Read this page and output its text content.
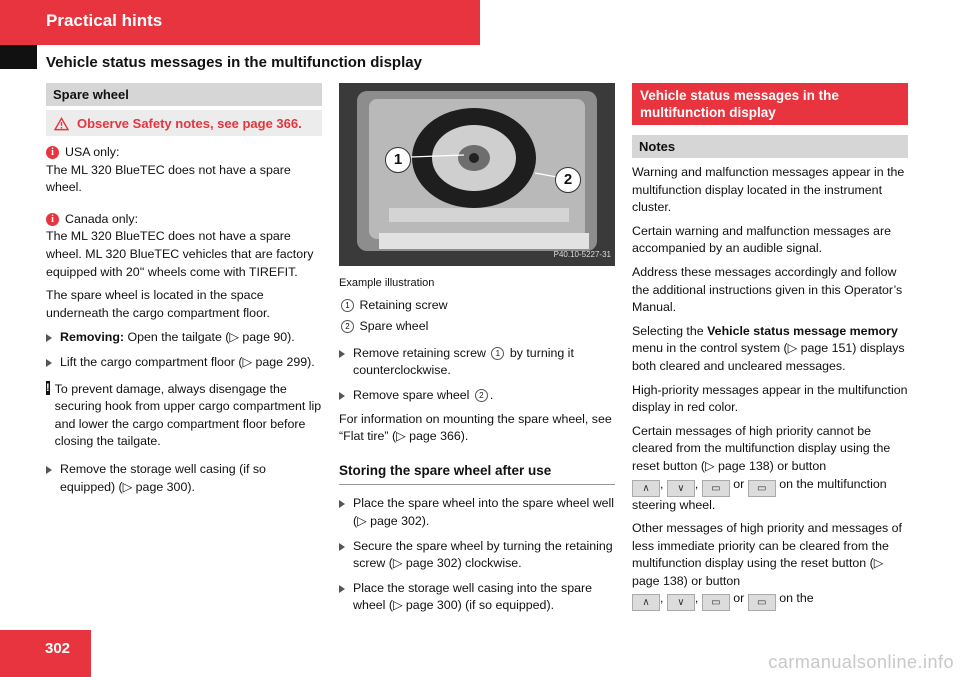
Practical hints
Vehicle status messages in the multifunction display
Spare wheel
Observe Safety notes, see page 366.
i USA only:
The ML 320 BlueTEC does not have a spare wheel.
i Canada only:
The ML 320 BlueTEC does not have a spare wheel. ML 320 BlueTEC vehicles that are factory equipped with 20'' wheels come with TIREFIT.

The spare wheel is located in the space underneath the cargo compartment floor.

Removing: Open the tailgate (▷ page 90).
Lift the cargo compartment floor (▷ page 299).
! To prevent damage, always disengage the securing hook from upper cargo compartment lip and lower the cargo compartment floor before closing the tailgate.
Remove the storage well casing (if so equipped) (▷ page 300).
1
2
P40.10-5227-31
Example illustration
1 Retaining screw
2 Spare wheel
Remove retaining screw 1 by turning it counterclockwise.
Remove spare wheel 2 .

For information on mounting the spare wheel, see “Flat tire” (▷ page 366).

Storing the spare wheel after use
Place the spare wheel into the spare wheel well (▷ page 302).
Secure the spare wheel by turning the retaining screw (▷ page 302) clockwise.
Place the storage well casing into the spare wheel (▷ page 300) (if so equipped).
Vehicle status messages in the multifunction display
Notes

Warning and malfunction messages appear in the multifunction display located in the instrument cluster.

Certain warning and malfunction messages are accompanied by an audible signal.

Address these messages accordingly and follow the additional instructions given in this Operator’s Manual.

Selecting the Vehicle status message memory menu in the control system (▷ page 151) displays both cleared and uncleared messages.

High-priority messages appear in the multifunction display in red color.

Certain messages of high priority cannot be cleared from the multifunction display using the reset button (▷ page 138) or button
∧ , ∨ , ▭ or ▭ on the multifunction steering wheel.

Other messages of high priority and messages of less immediate priority can be cleared from the multifunction display using the reset button (▷ page 138) or button
∧ , ∨ , ▭ or ▭ on the

302
carmanualsonline.info
